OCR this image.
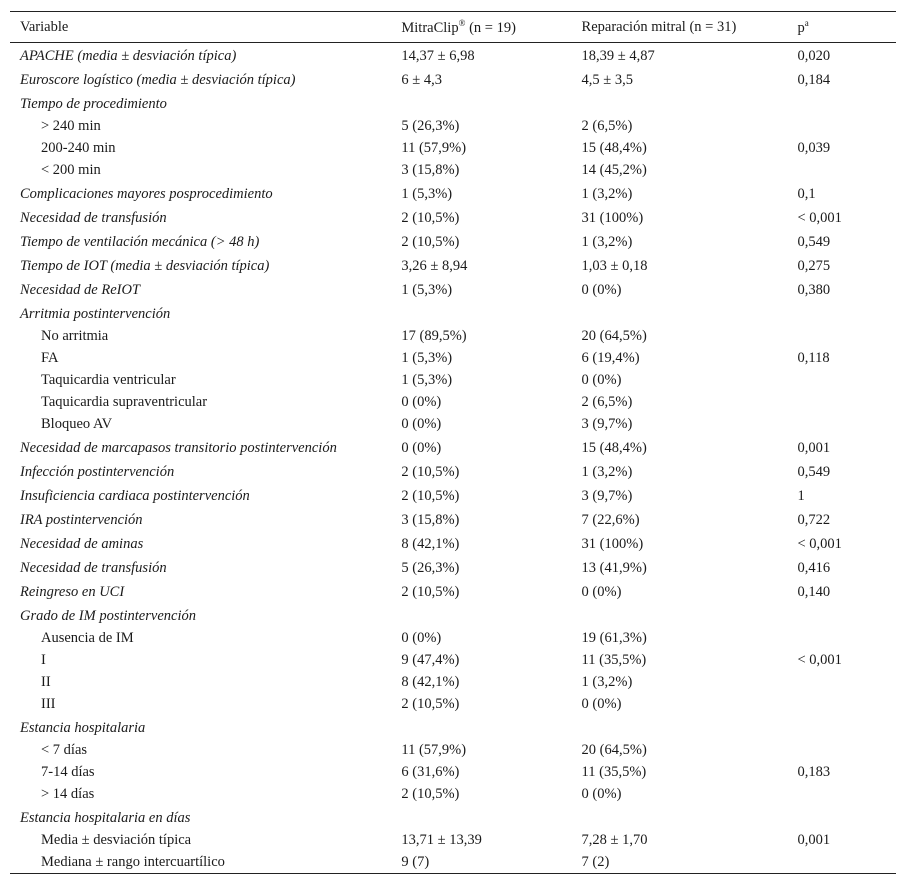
Variable	MitraClip® (n = 19)	Reparación mitral (n = 31)	$p^a$
APACHE (media ± desviación típica)	14,37 ± 6,98	18,39 ± 4,87	0,020
Euroscore logístico (media ± desviación típica)	6 ± 4,3	4,5 ± 3,5	0,184
Tiempo de procedimiento			
> 240 min	5 (26,3%)	2 (6,5%)	
200-240 min	11 (57,9%)	15 (48,4%)	0,039
< 200 min	3 (15,8%)	14 (45,2%)	
Complicaciones mayores posprocedimiento	1 (5,3%)	1 (3,2%)	0,1
Necesidad de transfusión	2 (10,5%)	31 (100%)	< 0,001
Tiempo de ventilación mecánica (> 48 h)	2 (10,5%)	1 (3,2%)	0,549
Tiempo de IOT (media ± desviación típica)	3,26 ± 8,94	1,03 ± 0,18	0,275
Necesidad de ReIOT	1 (5,3%)	0 (0%)	0,380
Arritmia postintervención			
No arritmia	17 (89,5%)	20 (64,5%)	
FA	1 (5,3%)	6 (19,4%)	0,118
Taquicardia ventricular	1 (5,3%)	0 (0%)	
Taquicardia supraventricular	0 (0%)	2 (6,5%)	
Bloqueo AV	0 (0%)	3 (9,7%)	
Necesidad de marcapasos transitorio postintervención	0 (0%)	15 (48,4%)	0,001
Infección postintervención	2 (10,5%)	1 (3,2%)	0,549
Insuficiencia cardiaca postintervención	2 (10,5%)	3 (9,7%)	1
IRA postintervención	3 (15,8%)	7 (22,6%)	0,722
Necesidad de aminas	8 (42,1%)	31 (100%)	< 0,001
Necesidad de transfusión	5 (26,3%)	13 (41,9%)	0,416
Reingreso en UCI	2 (10,5%)	0 (0%)	0,140
Grado de IM postintervención			
Ausencia de IM	0 (0%)	19 (61,3%)	
I	9 (47,4%)	11 (35,5%)	< 0,001
II	8 (42,1%)	1 (3,2%)	
III	2 (10,5%)	0 (0%)	
Estancia hospitalaria			
< 7 días	11 (57,9%)	20 (64,5%)	
7-14 días	6 (31,6%)	11 (35,5%)	0,183
> 14 días	2 (10,5%)	0 (0%)	
Estancia hospitalaria en días			
Media ± desviación típica	13,71 ± 13,39	7,28 ± 1,70	0,001
Mediana ± rango intercuartílico	9 (7)	7 (2)	
